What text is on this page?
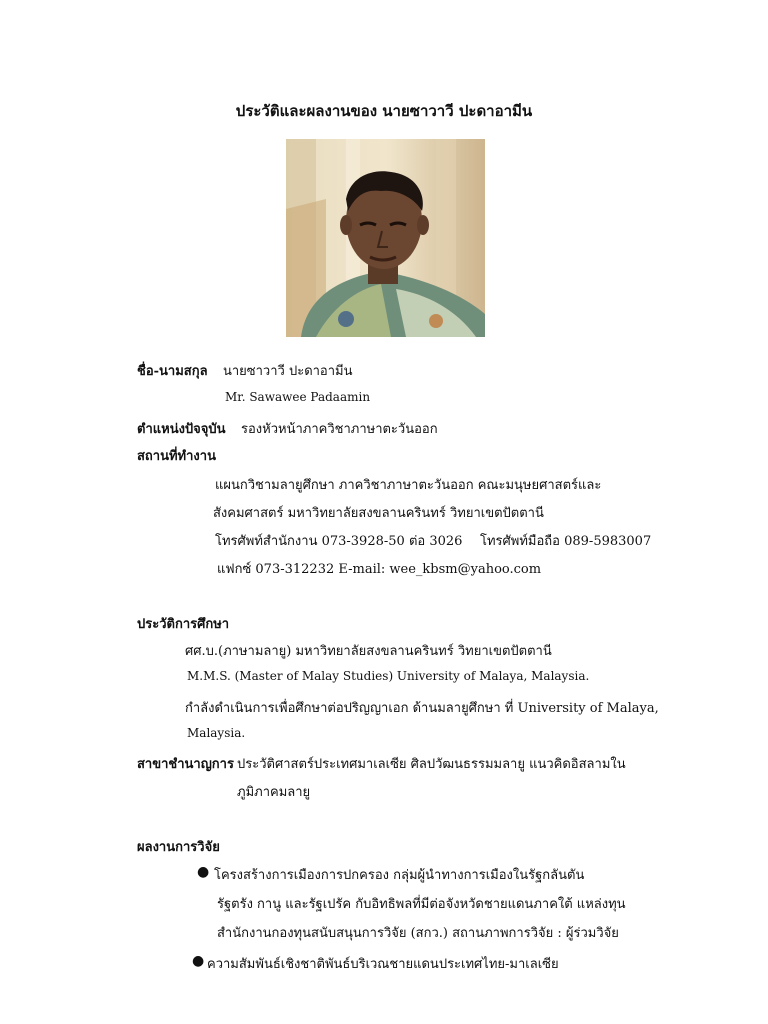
ประวัติและผลงานของ นายซาวาวี ปะดาอามีน
ชื่อ-นามสกุล นายซาวาวี ปะดาอามีน
Mr. Sawawee Padaamin
ตำแหน่งปัจจุบัน รองหัวหน้าภาควิชาภาษาตะวันออก
สถานที่ทำงาน
แผนกวิชามลายูศึกษา ภาควิชาภาษาตะวันออก คณะมนุษยศาสตร์และ
สังคมศาสตร์ มหาวิทยาลัยสงขลานครินทร์ วิทยาเขตปัตตานี
โทรศัพท์สำนักงาน 073-3928-50 ต่อ 3026 โทรศัพท์มือถือ 089-5983007
แฟกซ์ 073-312232 E-mail: wee_kbsm@yahoo.com
ประวัติการศึกษา
ศศ.บ.(ภาษามลายู) มหาวิทยาลัยสงขลานครินทร์ วิทยาเขตปัตตานี
M.M.S. (Master of Malay Studies) University of Malaya, Malaysia.
กำลังดำเนินการเพื่อศึกษาต่อปริญญาเอก ด้านมลายูศึกษา ที่ University of Malaya,
Malaysia.
สาขาชำนาญการ ประวัติศาสตร์ประเทศมาเลเซีย ศิลปวัฒนธรรมมลายู แนวคิดอิสลามใน
ภูมิภาคมลายู
ผลงานการวิจัย
● โครงสร้างการเมืองการปกครอง กลุ่มผู้นำทางการเมืองในรัฐกลันตัน
รัฐตรัง กานู และรัฐเปรัค กับอิทธิพลที่มีต่อจังหวัดชายแดนภาคใต้ แหล่งทุน
สำนักงานกองทุนสนับสนุนการวิจัย (สกว.) สถานภาพการวิจัย : ผู้ร่วมวิจัย
● ความสัมพันธ์เชิงชาติพันธ์บริเวณชายแดนประเทศไทย-มาเลเซีย
